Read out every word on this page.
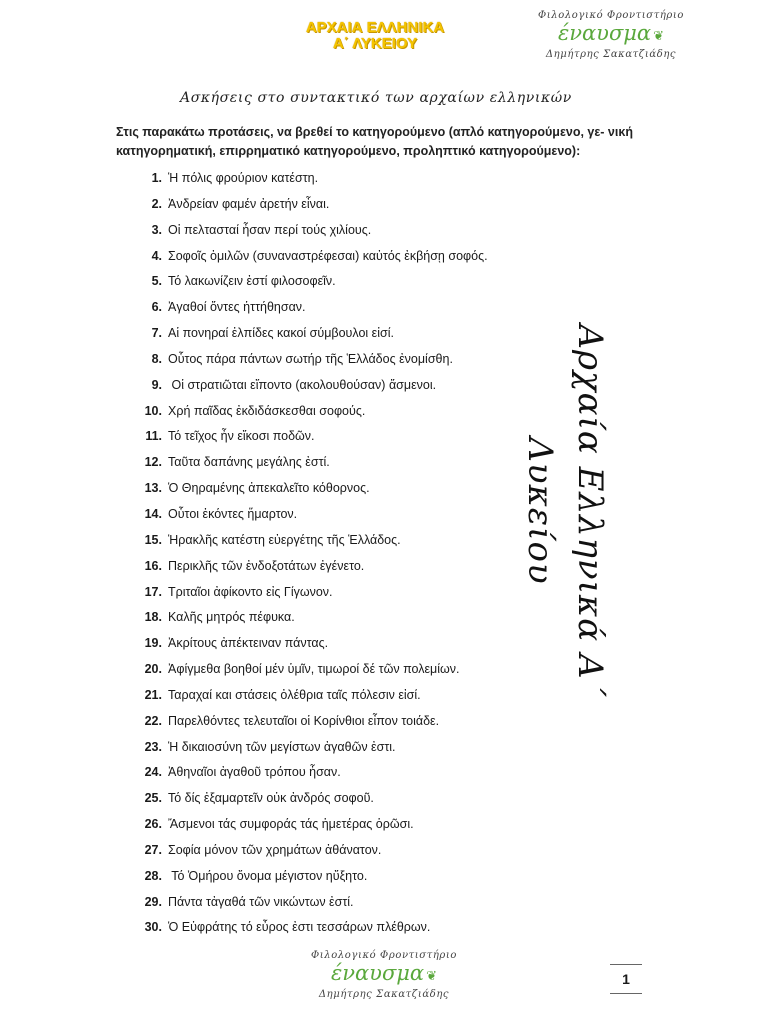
ΑΡΧΑΙΑ ΕΛΛΗΝΙΚΑ
Α΄ ΛΥΚΕΙΟΥ
Φιλολογικό Φροντιστήριο
έναυσμα ❦
Δημήτρης Σακατζιάδης
Ασκήσεις στο συντακτικό των αρχαίων ελληνικών
Στις παρακάτω προτάσεις, να βρεθεί το κατηγορούμενο (απλό κατηγορούμενο, γε- νική κατηγορηματική, επιρρηματικό κατηγορούμενο, προληπτικό κατηγορούμενο):
1. Ἡ πόλις φρούριον κατέστη.
2. Ἀνδρείαν φαμέν ἀρετήν εἶναι.
3. Οἱ πελτασταί ἦσαν περί τούς χιλίους.
4. Σοφοῖς ὁμιλῶν (συναναστρέφεσαι) καὐτός ἐκβήσῃ σοφός.
5. Τό λακωνίζειν ἐστί φιλοσοφεῖν.
6. Ἀγαθοί ὄντες ἡττήθησαν.
7. Αἱ πονηραί ἐλπίδες κακοί σύμβουλοι εἰσί.
8. Οὗτος πάρα πάντων σωτήρ τῆς Ἑλλάδος ἐνομίσθη.
9. Οἱ στρατιῶται εἵποντο (ακολουθούσαν) ἄσμενοι.
10. Χρή παῖδας ἐκδιδάσκεσθαι σοφούς.
11. Τό τεῖχος ἦν εἴκοσι ποδῶν.
12. Ταῦτα δαπάνης μεγάλης ἐστί.
13. Ὁ Θηραμένης ἀπεκαλεῖτο κόθορνος.
14. Οὗτοι ἑκόντες ἥμαρτον.
15. Ἡρακλῆς κατέστη εὐεργέτης τῆς Ἑλλάδος.
16. Περικλῆς τῶν ἐνδοξοτάτων ἐγένετο.
17. Τριταῖοι ἀφίκοντο εἰς Γίγωνον.
18. Καλῆς μητρός πέφυκα.
19. Ἀκρίτους ἀπέκτειναν πάντας.
20. Ἀφίγμεθα βοηθοί μέν ὑμῖν, τιμωροί δέ τῶν πολεμίων.
21. Ταραχαί και στάσεις ὀλέθρια ταῖς πόλεσιν εἰσί.
22. Παρελθόντες τελευταῖοι οἱ Κορίνθιοι εἶπον τοιάδε.
23. Ἡ δικαιοσύνη τῶν μεγίστων ἀγαθῶν ἐστι.
24. Ἀθηναῖοι ἀγαθοῦ τρόπου ἦσαν.
25. Τό δίς ἐξαμαρτεῖν οὐκ ἀνδρός σοφοῦ.
26. Ἄσμενοι τάς συμφοράς τάς ἡμετέρας ὁρῶσι.
27. Σοφία μόνον τῶν χρημάτων ἀθάνατον.
28. Τό Ὁμήρου ὄνομα μέγιστον ηὔξητο.
29. Πάντα τἀγαθά τῶν νικώντων ἐστί.
30. Ὁ Εὐφράτης τό εὖρος ἐστι τεσσάρων πλέθρων.
Αρχαία Ελληνικά Α΄ Λυκείου
Φιλολογικό Φροντιστήριο
έναυσμα ❦
Δημήτρης Σακατζιάδης
1
